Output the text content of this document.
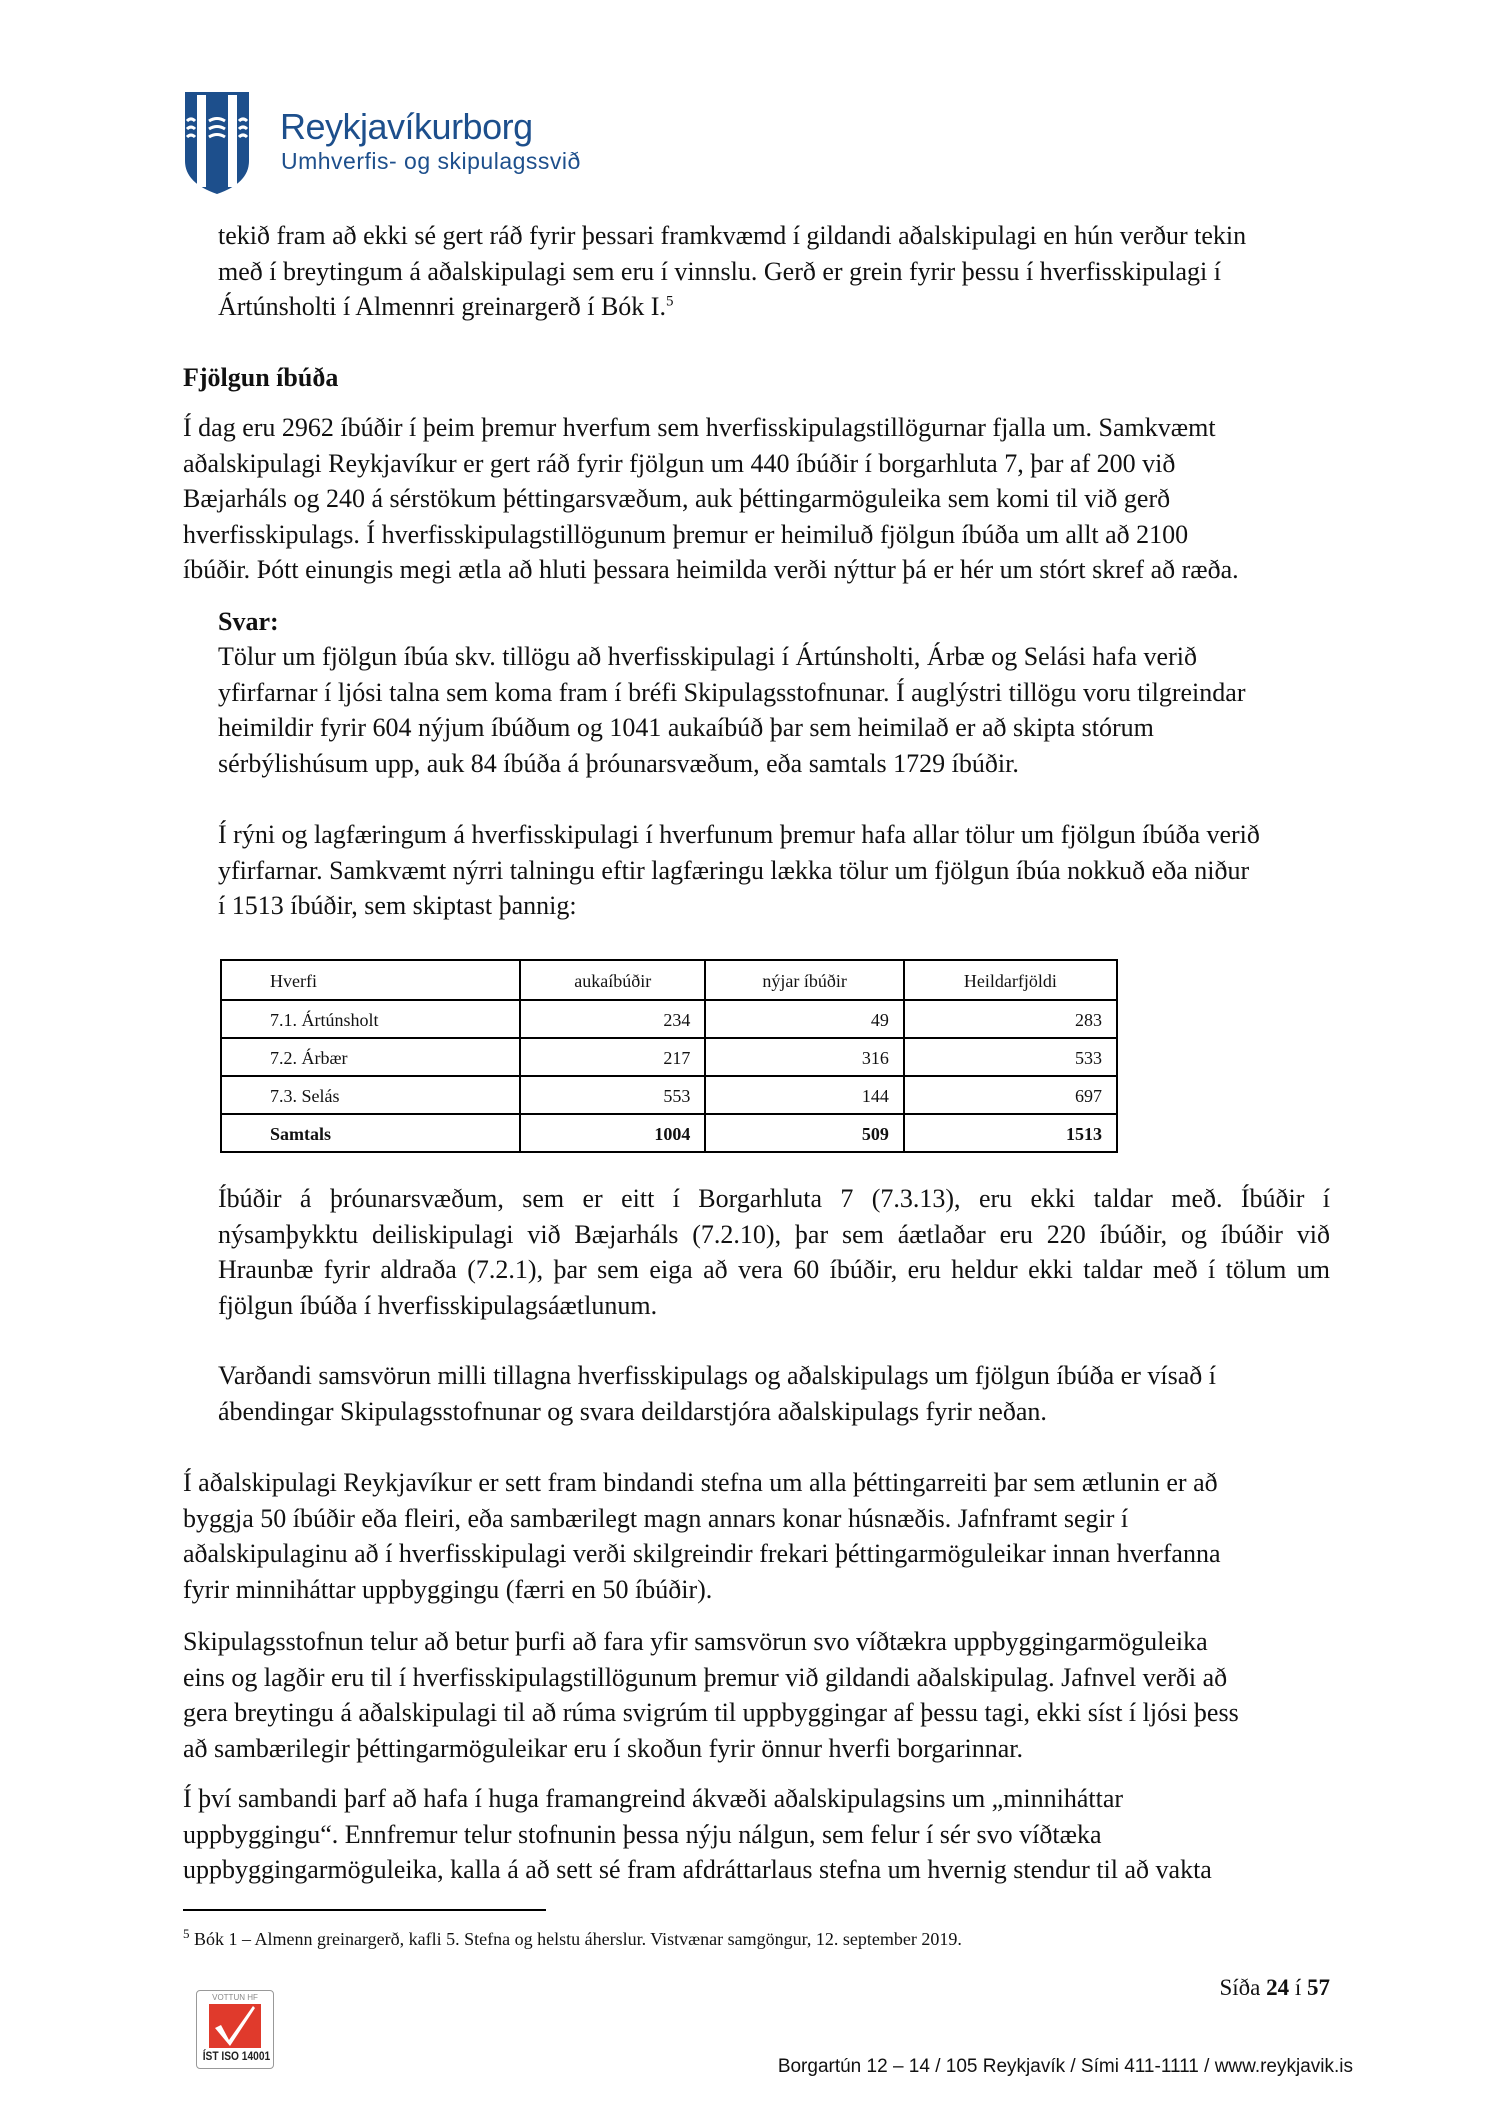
Reykjavíkurborg
Umhverfis- og skipulagssvið
tekið fram að ekki sé gert ráð fyrir þessari framkvæmd í gildandi aðalskipulagi en hún verður tekin
með í breytingum á aðalskipulagi sem eru í vinnslu. Gerð er grein fyrir þessu í hverfisskipulagi í
Ártúnsholti í Almennri greinargerð í Bók I.$^5$
Fjölgun íbúða
Í dag eru 2962 íbúðir í þeim þremur hverfum sem hverfisskipulagstillögurnar fjalla um. Samkvæmt
aðalskipulagi Reykjavíkur er gert ráð fyrir fjölgun um 440 íbúðir í borgarhluta 7, þar af 200 við
Bæjarháls og 240 á sérstökum þéttingarsvæðum, auk þéttingarmöguleika sem komi til við gerð
hverfisskipulags. Í hverfisskipulagstillögunum þremur er heimiluð fjölgun íbúða um allt að 2100
íbúðir. Þótt einungis megi ætla að hluti þessara heimilda verði nýttur þá er hér um stórt skref að ræða.
Svar:
Tölur um fjölgun íbúa skv. tillögu að hverfisskipulagi í Ártúnsholti, Árbæ og Selási hafa verið
yfirfarnar í ljósi talna sem koma fram í bréfi Skipulagsstofnunar. Í auglýstri tillögu voru tilgreindar
heimildir fyrir 604 nýjum íbúðum og 1041 aukaíbúð þar sem heimilað er að skipta stórum
sérbýlishúsum upp, auk 84 íbúða á þróunarsvæðum, eða samtals 1729 íbúðir.
Í rýni og lagfæringum á hverfisskipulagi í hverfunum þremur hafa allar tölur um fjölgun íbúða verið
yfirfarnar. Samkvæmt nýrri talningu eftir lagfæringu lækka tölur um fjölgun íbúa nokkuð eða niður
í 1513 íbúðir, sem skiptast þannig:
Hverfi	aukaíbúðir	nýjar íbúðir	Heildarfjöldi
7.1. Ártúnsholt	234	49	283
7.2. Árbær	217	316	533
7.3. Selás	553	144	697
Samtals	1004	509	1513
Íbúðir á þróunarsvæðum, sem er eitt í Borgarhluta 7 (7.3.13), eru ekki taldar með. Íbúðir í
nýsamþykktu deiliskipulagi við Bæjarháls (7.2.10), þar sem áætlaðar eru 220 íbúðir, og íbúðir við
Hraunbæ fyrir aldraða (7.2.1), þar sem eiga að vera 60 íbúðir, eru heldur ekki taldar með í tölum um
fjölgun íbúða í hverfisskipulagsáætlunum.
Varðandi samsvörun milli tillagna hverfisskipulags og aðalskipulags um fjölgun íbúða er vísað í
ábendingar Skipulagsstofnunar og svara deildarstjóra aðalskipulags fyrir neðan.
Í aðalskipulagi Reykjavíkur er sett fram bindandi stefna um alla þéttingarreiti þar sem ætlunin er að
byggja 50 íbúðir eða fleiri, eða sambærilegt magn annars konar húsnæðis. Jafnframt segir í
aðalskipulaginu að í hverfisskipulagi verði skilgreindir frekari þéttingarmöguleikar innan hverfanna
fyrir minniháttar uppbyggingu (færri en 50 íbúðir).
Skipulagsstofnun telur að betur þurfi að fara yfir samsvörun svo víðtækra uppbyggingarmöguleika
eins og lagðir eru til í hverfisskipulagstillögunum þremur við gildandi aðalskipulag. Jafnvel verði að
gera breytingu á aðalskipulagi til að rúma svigrúm til uppbyggingar af þessu tagi, ekki síst í ljósi þess
að sambærilegir þéttingarmöguleikar eru í skoðun fyrir önnur hverfi borgarinnar.
Í því sambandi þarf að hafa í huga framangreind ákvæði aðalskipulagsins um „minniháttar
uppbyggingu“. Ennfremur telur stofnunin þessa nýju nálgun, sem felur í sér svo víðtæka
uppbyggingarmöguleika, kalla á að sett sé fram afdráttarlaus stefna um hvernig stendur til að vakta
$^5$ Bók 1 – Almenn greinargerð, kafli 5. Stefna og helstu áherslur. Vistvænar samgöngur, 12. september 2019.
Síða 24 í 57
VOTTUN HF
ÍST ISO 14001	Borgartún 12 – 14 / 105 Reykjavík / Sími 411-1111 / www.reykjavik.is
